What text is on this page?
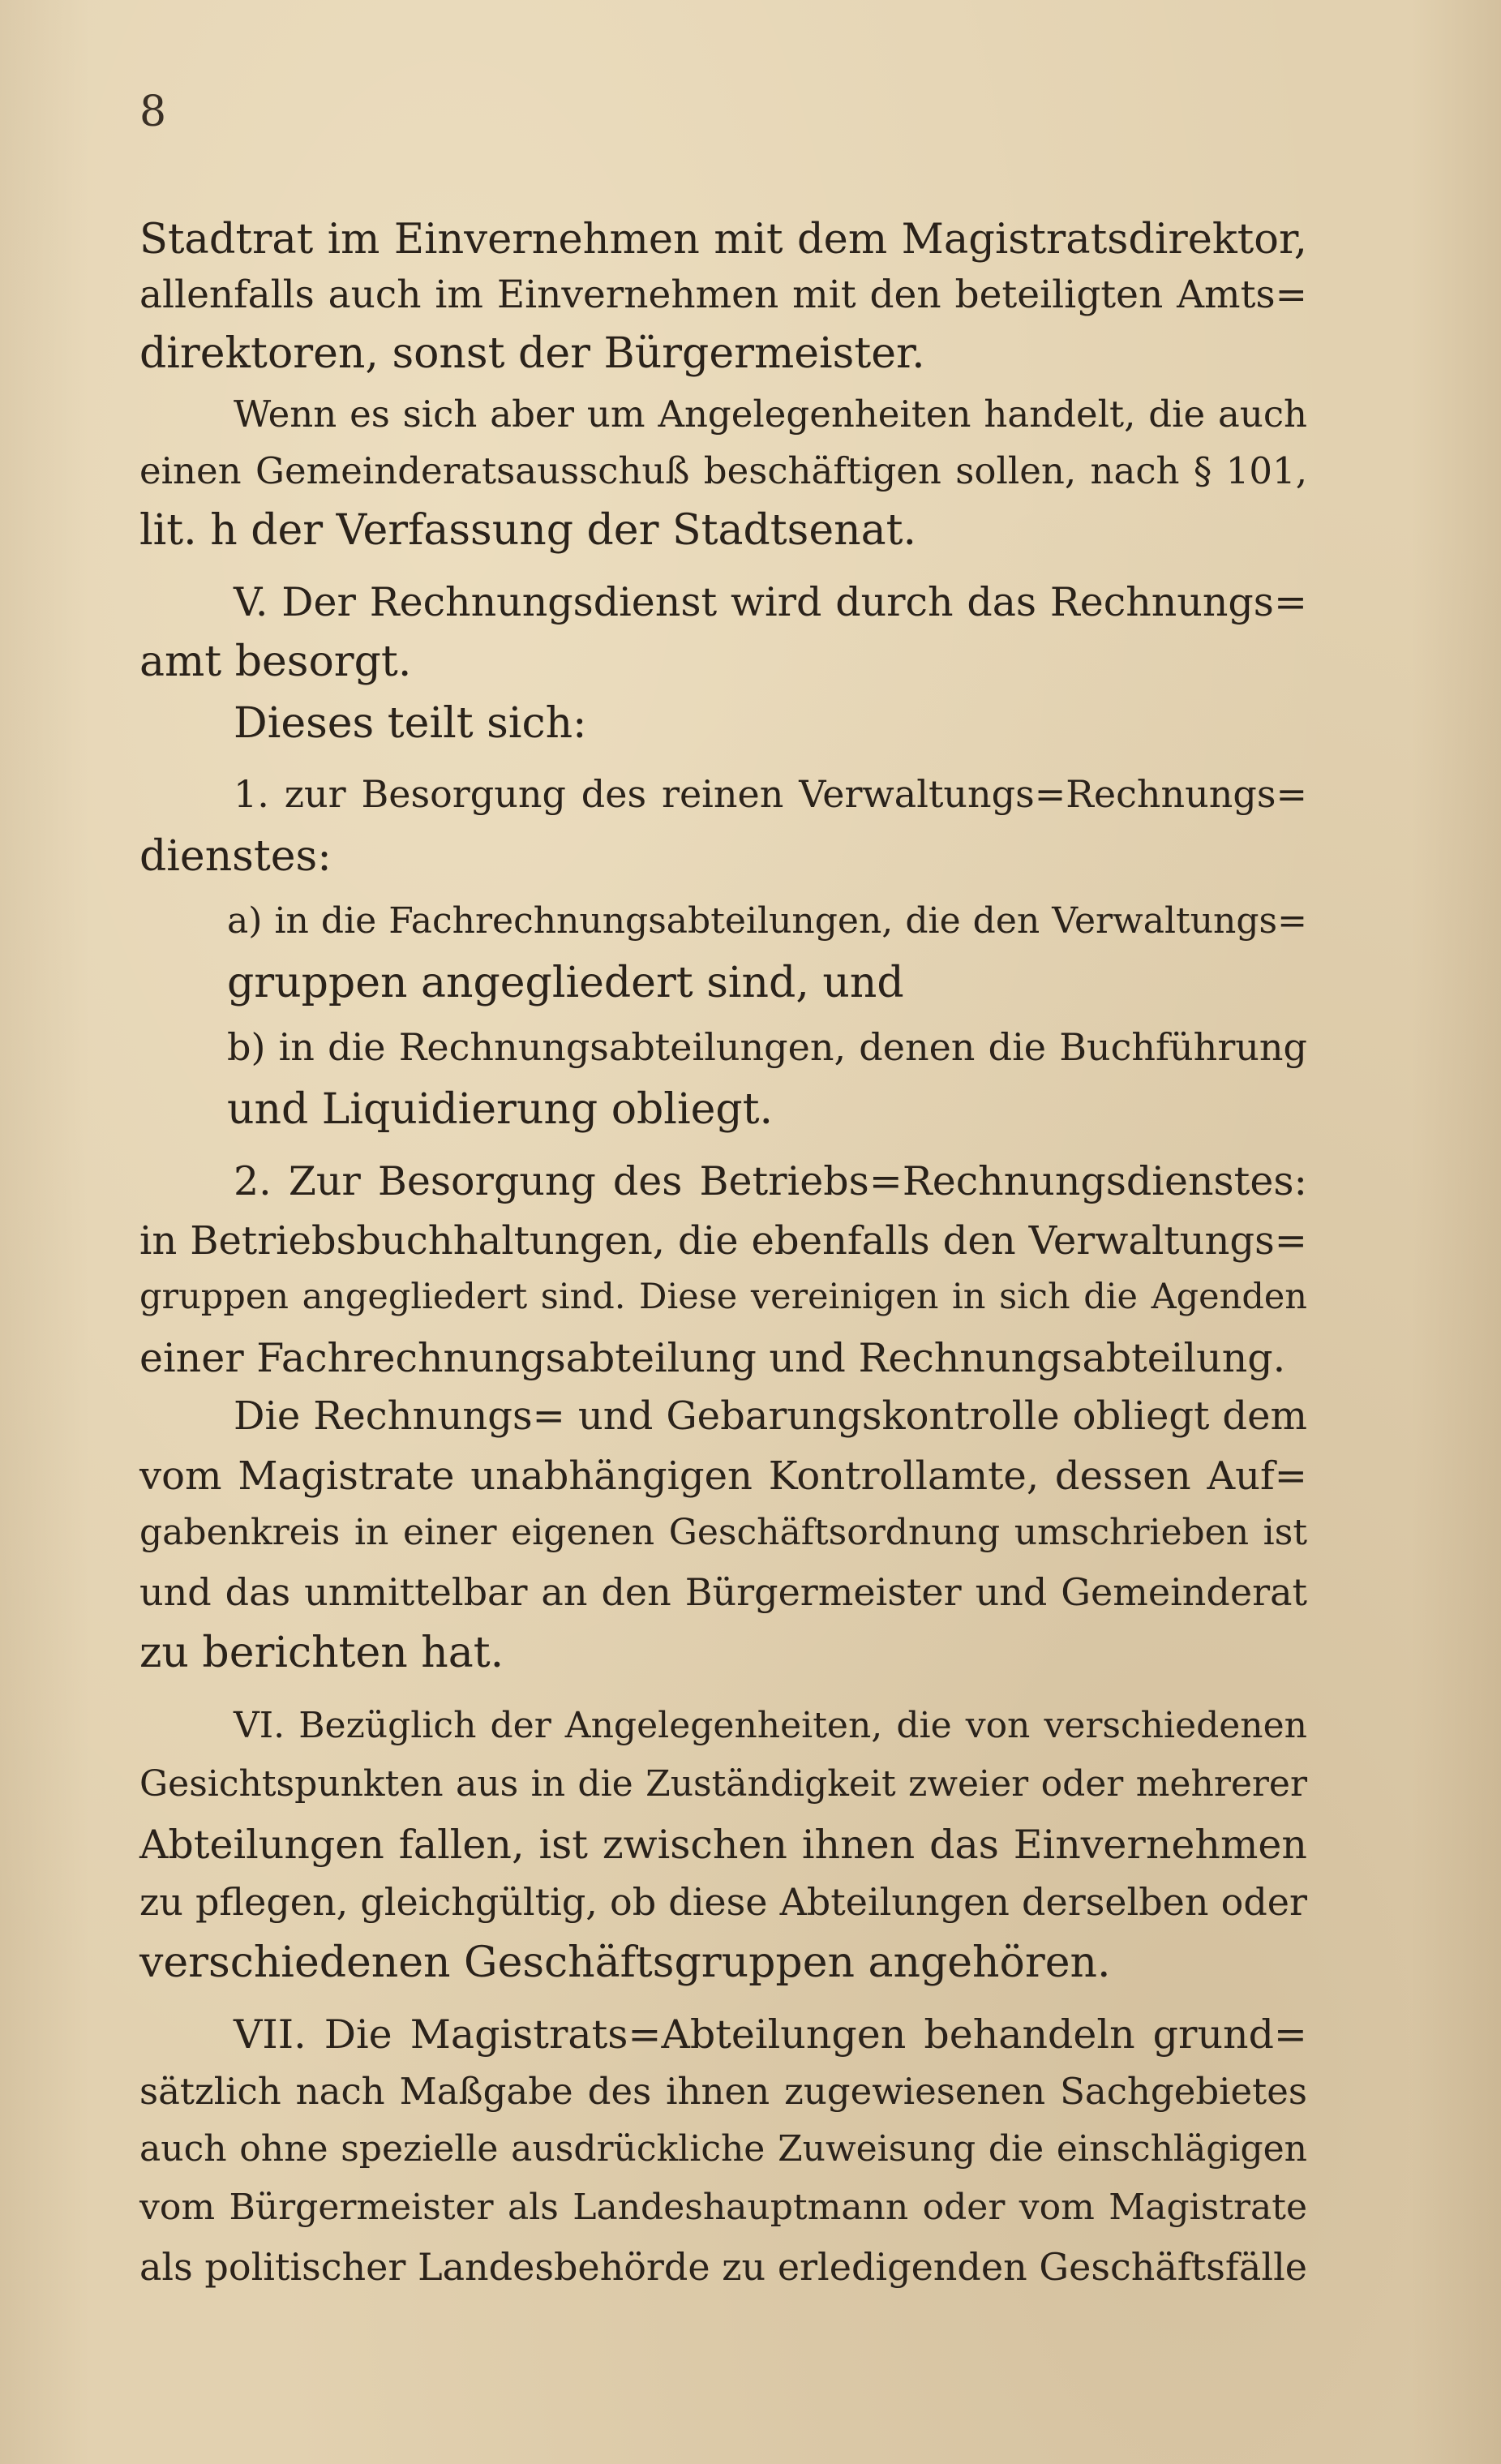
8
Stadtrat im Einvernehmen mit dem Magistratsdirektor,
allenfalls auch im Einvernehmen mit den beteiligten Amts=
direktoren, sonst der Bürgermeister.
Wenn es sich aber um Angelegenheiten handelt, die auch
einen Gemeinderatsausschuß beschäftigen sollen, nach § 101,
lit. h der Verfassung der Stadtsenat.
V. Der Rechnungsdienst wird durch das Rechnungs=
amt besorgt.
Dieses teilt sich:
1. zur Besorgung des reinen Verwaltungs=Rechnungs=
dienstes:
a) in die Fachrechnungsabteilungen, die den Verwaltungs=
gruppen angegliedert sind, und
b) in die Rechnungsabteilungen, denen die Buchführung
und Liquidierung obliegt.
2. Zur Besorgung des Betriebs=Rechnungsdienstes:
in Betriebsbuchhaltungen, die ebenfalls den Verwaltungs=
gruppen angegliedert sind. Diese vereinigen in sich die Agenden
einer Fachrechnungsabteilung und Rechnungsabteilung.
Die Rechnungs= und Gebarungskontrolle obliegt dem
vom Magistrate unabhängigen Kontrollamte, dessen Auf=
gabenkreis in einer eigenen Geschäftsordnung umschrieben ist
und das unmittelbar an den Bürgermeister und Gemeinderat
zu berichten hat.
VI. Bezüglich der Angelegenheiten, die von verschiedenen
Gesichtspunkten aus in die Zuständigkeit zweier oder mehrerer
Abteilungen fallen, ist zwischen ihnen das Einvernehmen
zu pflegen, gleichgültig, ob diese Abteilungen derselben oder
verschiedenen Geschäftsgruppen angehören.
VII. Die Magistrats=Abteilungen behandeln grund=
sätzlich nach Maßgabe des ihnen zugewiesenen Sachgebietes
auch ohne spezielle ausdrückliche Zuweisung die einschlägigen
vom Bürgermeister als Landeshauptmann oder vom Magistrate
als politischer Landesbehörde zu erledigenden Geschäftsfälle
